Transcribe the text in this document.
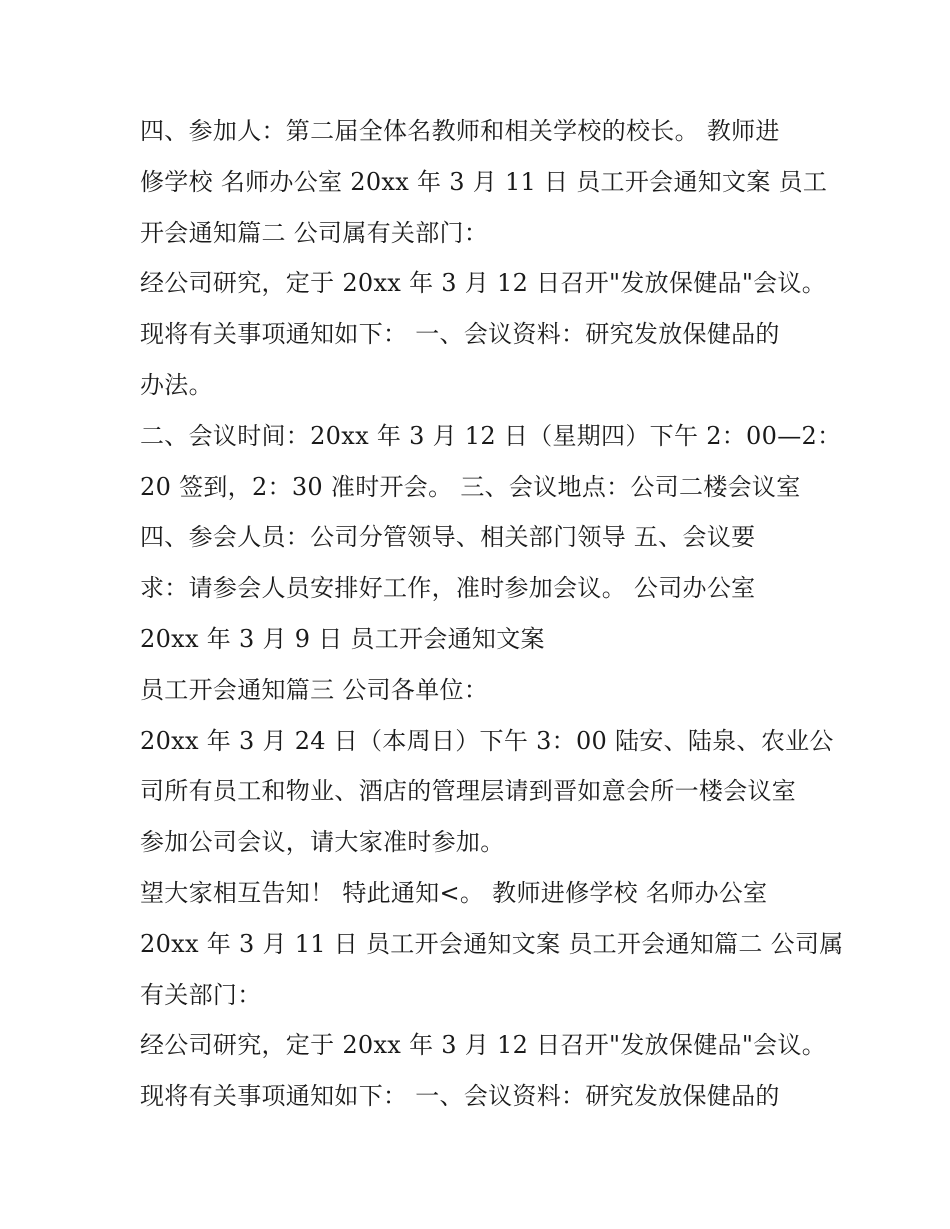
四、参加人：第二届全体名教师和相关学校的校长。 教师进
修学校 名师办公室 20xx 年 3 月 11 日 员工开会通知文案 员工
开会通知篇二 公司属有关部门：
经公司研究，定于 20xx 年 3 月 12 日召开"发放保健品"会议。
现将有关事项通知如下： 一、会议资料：研究发放保健品的
办法。
二、会议时间：20xx 年 3 月 12 日（星期四）下午 2：00—2：
20 签到，2：30 准时开会。 三、会议地点：公司二楼会议室
四、参会人员：公司分管领导、相关部门领导 五、会议要
求：请参会人员安排好工作，准时参加会议。 公司办公室
20xx 年 3 月 9 日 员工开会通知文案
员工开会通知篇三 公司各单位：
20xx 年 3 月 24 日（本周日）下午 3：00 陆安、陆泉、农业公
司所有员工和物业、酒店的管理层请到晋如意会所一楼会议室
参加公司会议，请大家准时参加。
望大家相互告知！ 特此通知<。 教师进修学校 名师办公室
20xx 年 3 月 11 日 员工开会通知文案 员工开会通知篇二 公司属
有关部门：
经公司研究，定于 20xx 年 3 月 12 日召开"发放保健品"会议。
现将有关事项通知如下： 一、会议资料：研究发放保健品的
